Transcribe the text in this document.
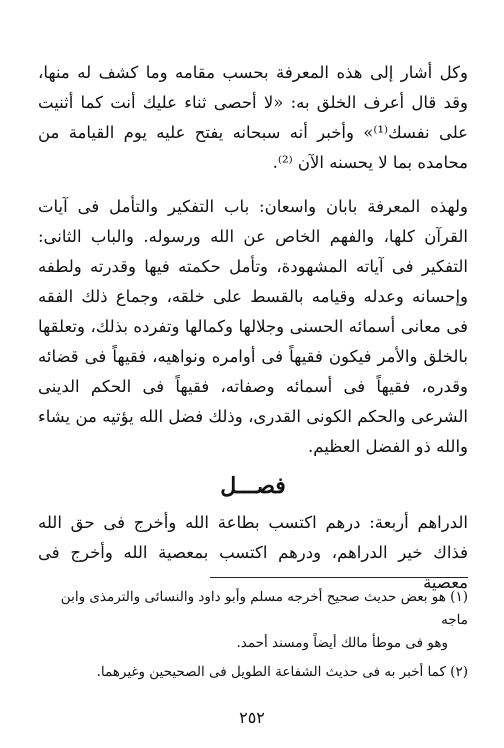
وكل أشار إلى هذه المعرفة بحسب مقامه وما كشف له منها، وقد قال أعرف الخلق به: «لا أحصى ثناء عليك أنت كما أثنيت على نفسك⁽¹⁾» وأخبر أنه سبحانه يفتح عليه يوم القيامة من محامده بما لا يحسنه الآن ⁽²⁾.

ولهذه المعرفة بابان واسعان: باب التفكير والتأمل فى آيات القرآن كلها، والفهم الخاص عن الله ورسوله. والباب الثانى: التفكير فى آياته المشهودة، وتأمل حكمته فيها وقدرته ولطفه وإحسانه وعدله وقيامه بالقسط على خلقه، وجماع ذلك الفقه فى معانى أسمائه الحسنى وجلالها وكمالها وتفرده بذلك، وتعلقها بالخلق والأمر فيكون فقيهاً فى أوامره ونواهيه، فقيهاً فى قضائه وقدره، فقيهاً فى أسمائه وصفاته، فقيهاً فى الحكم الدينى الشرعى والحكم الكونى القدرى، وذلك فضل الله يؤتيه من يشاء والله ذو الفضل العظيم.

فصـــل

الدراهم أربعة: درهم اكتسب بطاعة الله وأخرج فى حق الله فذاك خير الدراهم، ودرهم اكتسب بمعصية الله وأخرج فى معصية

(١) هو بعض حديث صحيح أخرجه مسلم وأبو داود والنسائى والترمذى وابن ماجه

وهو فى موطأ مالك أيضاً ومسند أحمد.

(٢) كما أخبر به فى حديث الشفاعة الطويل فى الصحيحين وغيرهما.

٢٥٢
